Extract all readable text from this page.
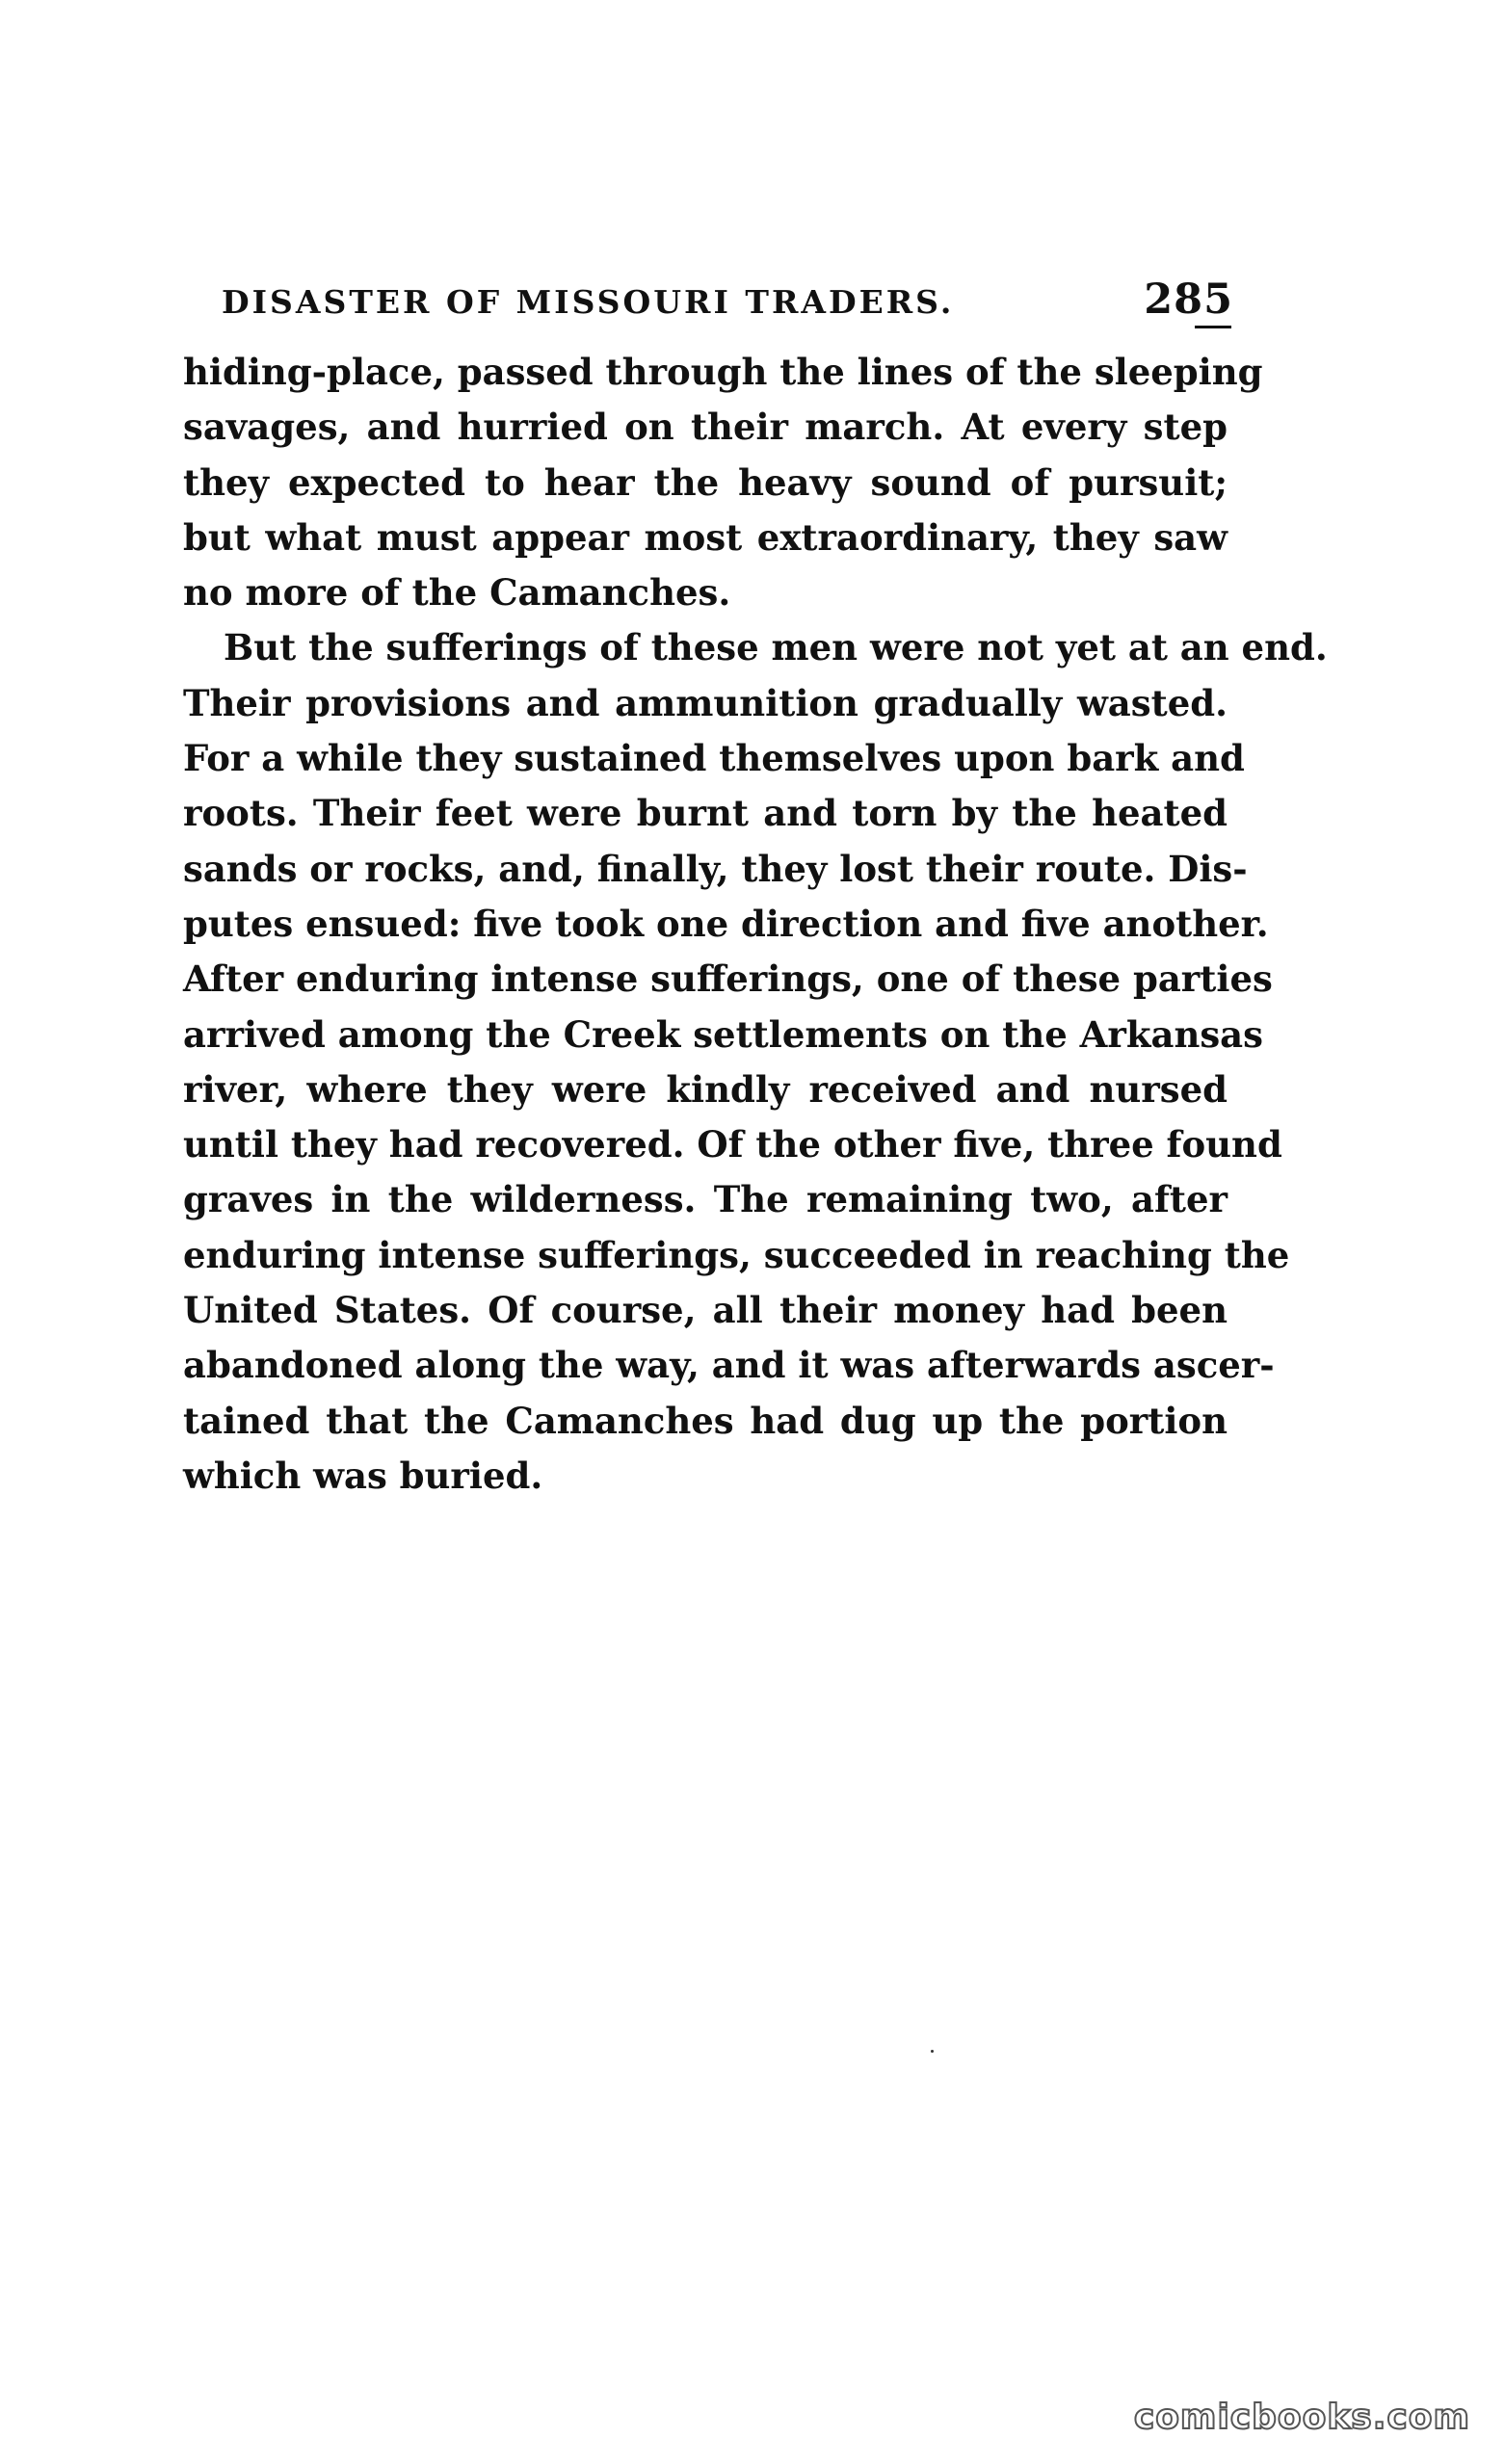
DISASTER OF MISSOURI TRADERS.	285
hiding-place, passed through the lines of the sleeping
savages, and hurried on their march. At every step
they expected to hear the heavy sound of pursuit;
but what must appear most extraordinary, they saw
no more of the Camanches.
But the sufferings of these men were not yet at an end.
Their provisions and ammunition gradually wasted.
For a while they sustained themselves upon bark and
roots. Their feet were burnt and torn by the heated
sands or rocks, and, finally, they lost their route. Dis-
putes ensued: five took one direction and five another.
After enduring intense sufferings, one of these parties
arrived among the Creek settlements on the Arkansas
river, where they were kindly received and nursed
until they had recovered. Of the other five, three found
graves in the wilderness. The remaining two, after
enduring intense sufferings, succeeded in reaching the
United States. Of course, all their money had been
abandoned along the way, and it was afterwards ascer-
tained that the Camanches had dug up the portion
which was buried.
comicbooks.com
